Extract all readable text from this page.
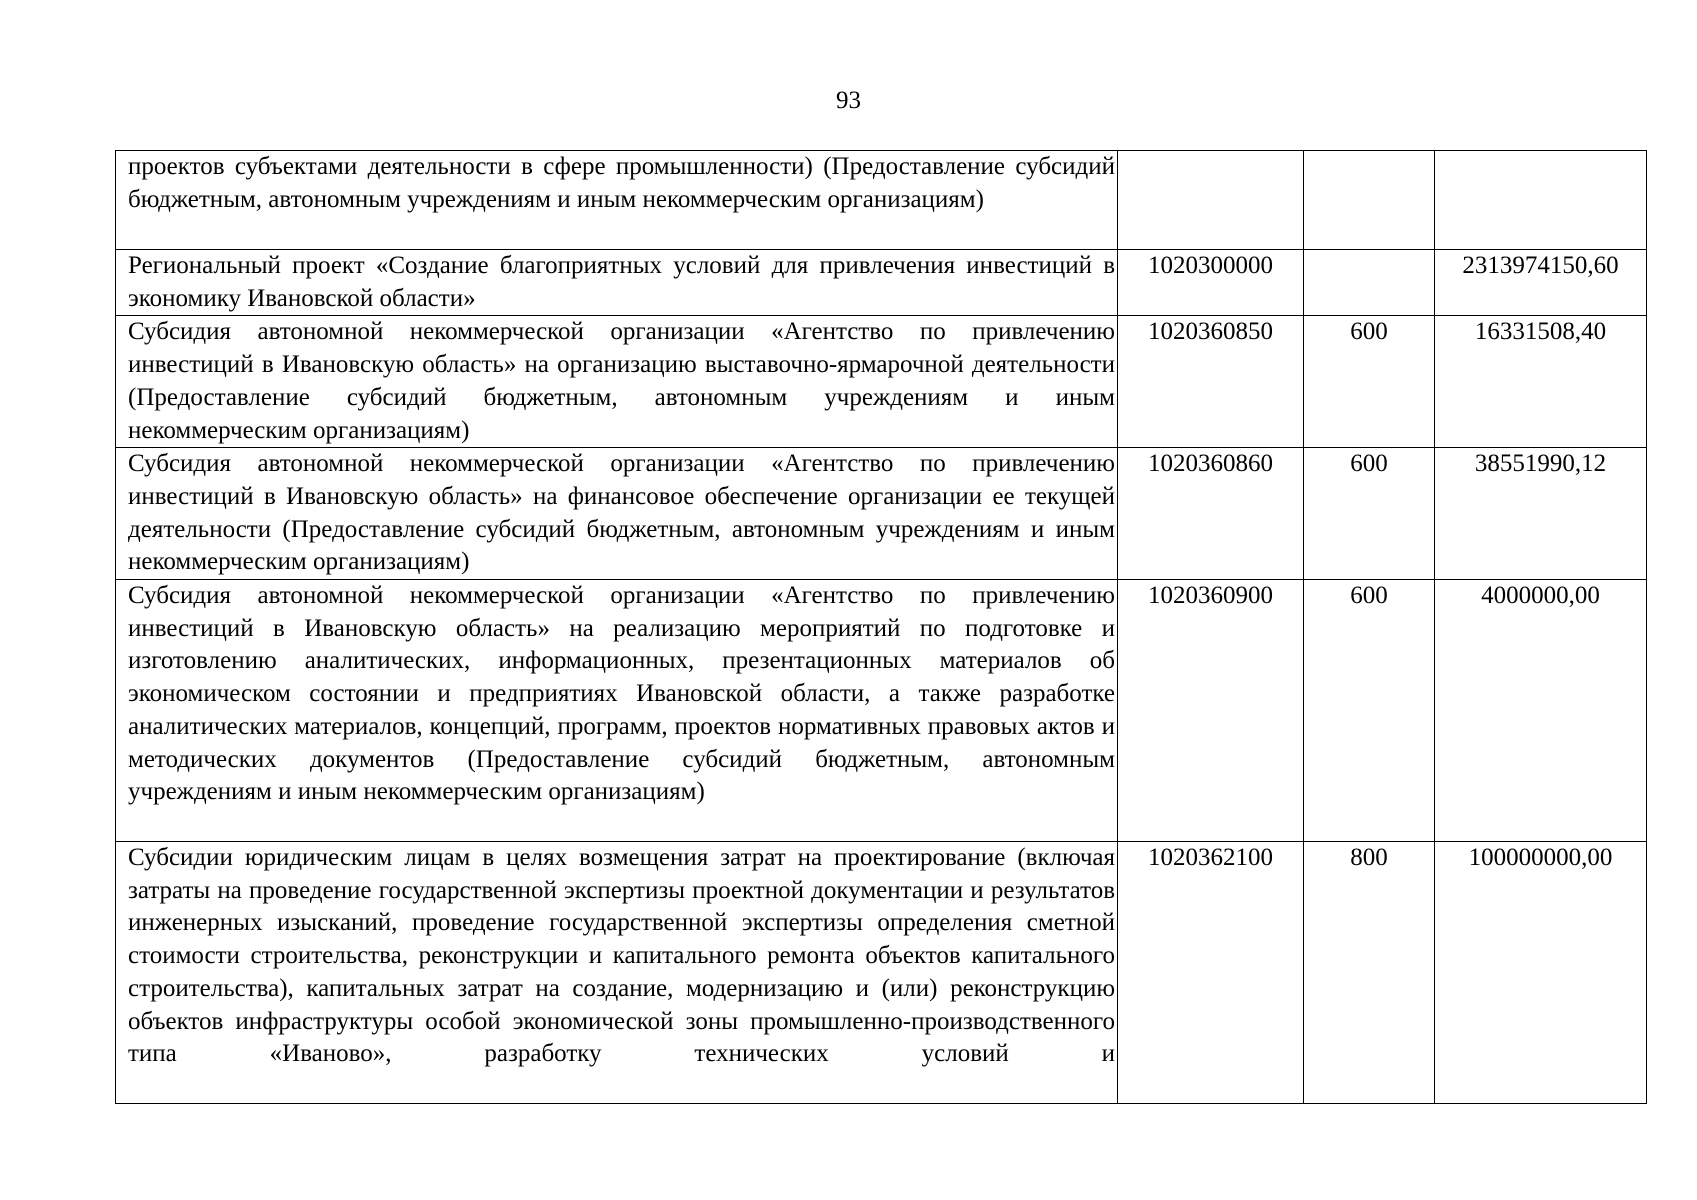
93
проектов субъектами деятельности в сфере промышленности) (Предоставление субсидий бюджетным, автономным учреждениям и иным некоммерческим организациям)			
Региональный проект «Создание благоприятных условий для привлечения инвестиций в экономику Ивановской области»	1020300000		2313974150,60
Субсидия автономной некоммерческой организации «Агентство по привлечению инвестиций в Ивановскую область» на организацию выставочно-ярмарочной деятельности (Предоставление субсидий бюджетным, автономным учреждениям и иным некоммерческим организациям)	1020360850	600	16331508,40
Субсидия автономной некоммерческой организации «Агентство по привлечению инвестиций в Ивановскую область» на финансовое обеспечение организации ее текущей деятельности (Предоставление субсидий бюджетным, автономным учреждениям и иным некоммерческим организациям)	1020360860	600	38551990,12
Субсидия автономной некоммерческой организации «Агентство по привлечению инвестиций в Ивановскую область» на реализацию мероприятий по подготовке и изготовлению аналитических, информационных, презентационных материалов об экономическом состоянии и предприятиях Ивановской области, а также разработке аналитических материалов, концепций, программ, проектов нормативных правовых актов и методических документов (Предоставление субсидий бюджетным, автономным учреждениям и иным некоммерческим организациям)	1020360900	600	4000000,00
Субсидии юридическим лицам в целях возмещения затрат на проектирование (включая затраты на проведение государственной экспертизы проектной документации и результатов инженерных изысканий, проведение государственной экспертизы определения сметной стоимости строительства, реконструкции и капитального ремонта объектов капитального строительства), капитальных затрат на создание, модернизацию и (или) реконструкцию объектов инфраструктуры особой экономической зоны промышленно-производственного типа «Иваново», разработку технических условий и	1020362100	800	100000000,00
